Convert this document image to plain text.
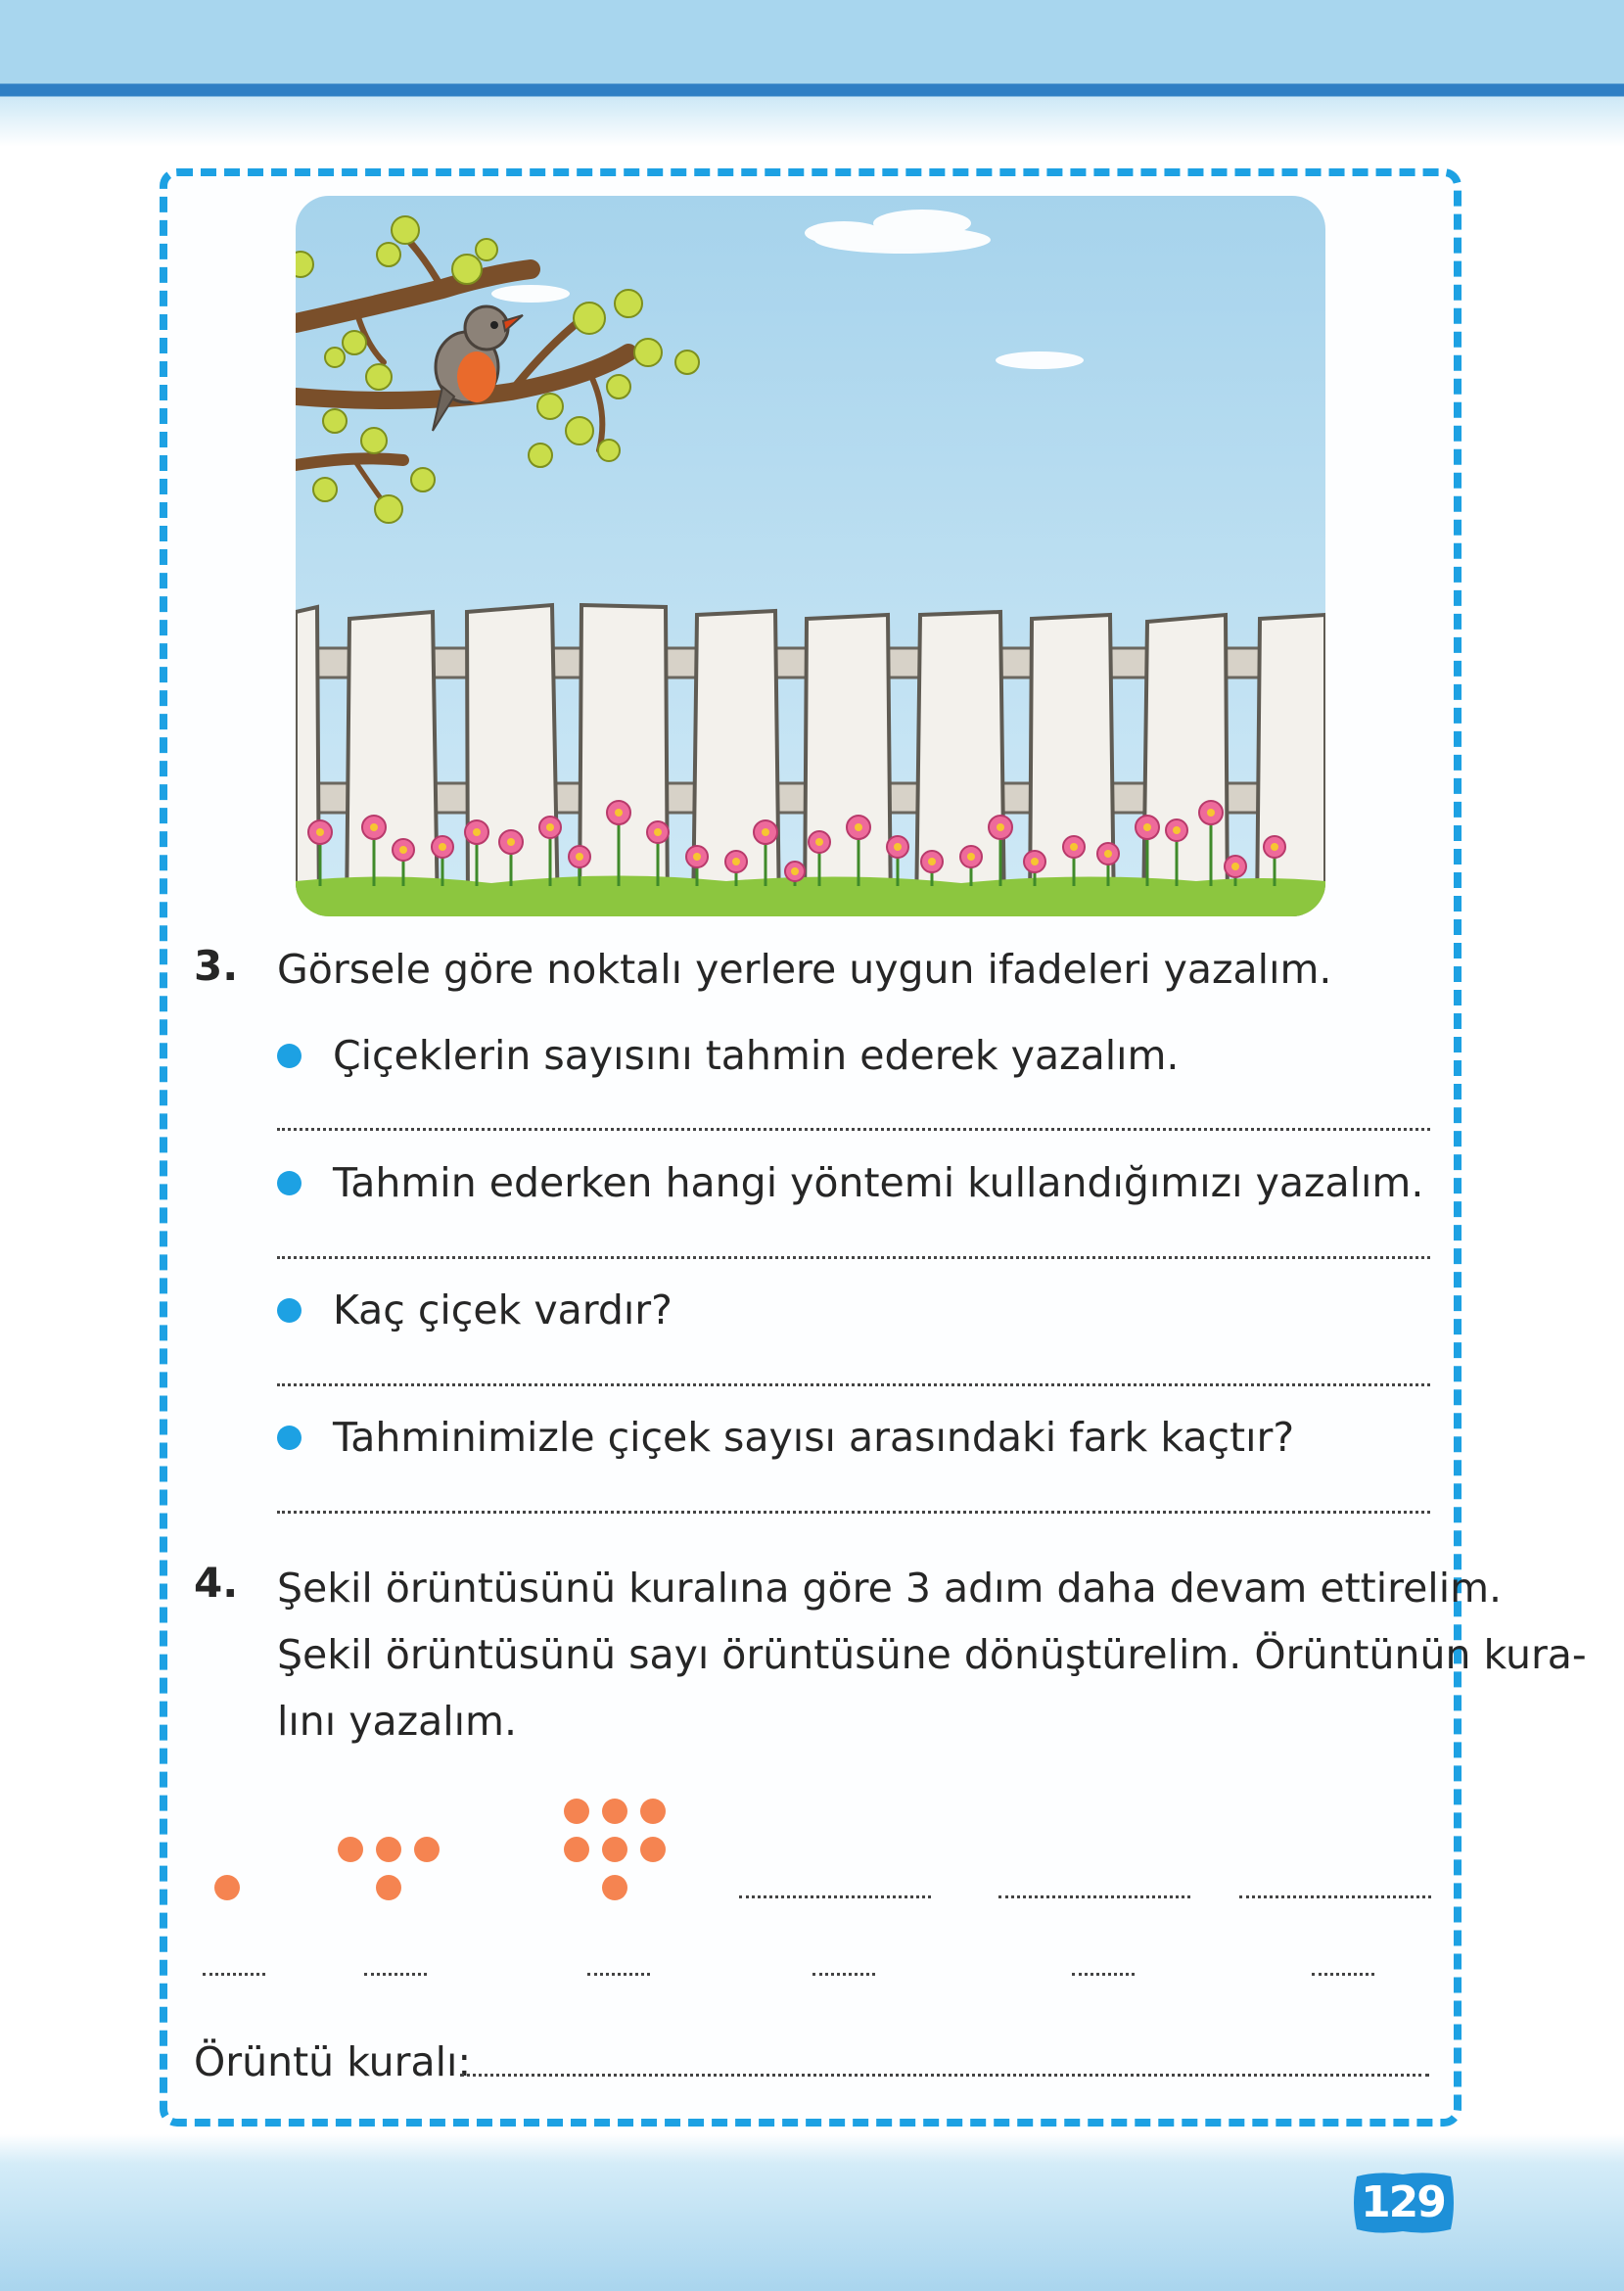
3. Görsele göre noktalı yerlere uygun ifadeleri yazalım.
Çiçeklerin sayısını tahmin ederek yazalım.
Tahmin ederken hangi yöntemi kullandığımızı yazalım.
Kaç çiçek vardır?
Tahminimizle çiçek sayısı arasındaki fark kaçtır?
4. Şekil örüntüsünü kuralına göre 3 adım daha devam ettirelim.
Şekil örüntüsünü sayı örüntüsüne dönüştürelim. Örüntünün kura-
lını yazalım.
Örüntü kuralı:
129
